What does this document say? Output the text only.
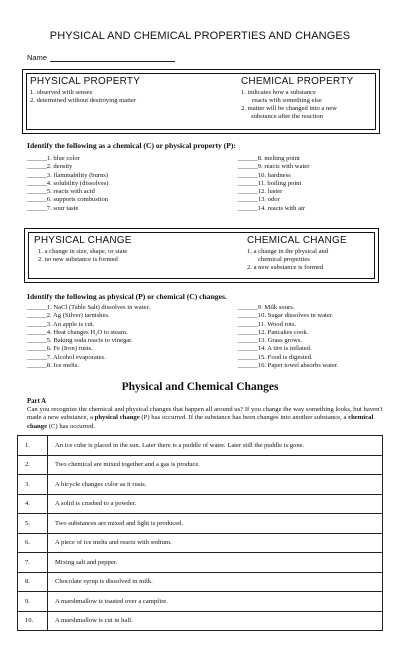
PHYSICAL AND CHEMICAL PROPERTIES AND CHANGES
Name
PHYSICAL PROPERTY
1. observed with senses
2. determined without destroying matter
CHEMICAL PROPERTY
1. indicates how a substance
reacts with something else
2. matter will be changed into a new
substance after the reaction
Identify the following as a chemical (C) or physical property (P):
______1. blue color
______2. density
______3. flammability (burns)
______4. solubility (dissolves)
______5. reacts with acid
______6. supports combustion
______7. sour taste
______8. melting point
______9. reacts with water
______10. hardness
______11. boiling point
______12. luster
______13. odor
______14. reacts with air
PHYSICAL CHANGE
1. a change in size, shape, or state
2. no new substance is formed
CHEMICAL CHANGE
1. a change in the physical and
chemical properties
2. a new substance is formed
Identify the following as physical (P) or chemical (C) changes.
______1. NaCl (Table Salt) dissolves in water.
______2. Ag (Silver) tarnishes.
______3. An apple is cut.
______4. Heat changes H₂O to steam.
______5. Baking soda reacts to vinegar.
______6. Fe (Iron) rusts.
______7. Alcohol evaporates.
______8. Ice melts.
______9. Milk sours.
______10. Sugar dissolves in water.
______11. Wood rots.
______12. Pancakes cook.
______13. Grass grows.
______14. A tire is inflated.
______15. Food is digested.
______16. Paper towel absorbs water.
Physical and Chemical Changes
Part A
Can you recognize the chemical and physical changes that happen all around us? If you change the way something looks, but haven't made a new substance, a physical change (P) has occurred. If the substance has been changes into another substance, a chemical change (C) has occurred.
1.	An ice cube is placed in the sun. Later there is a puddle of water. Later still the puddle is gone.
2.	Two chemical are mixed together and a gas is produce.
3.	A bicycle changes color as it rusts.
4.	A solid is crushed to a powder.
5.	Two substances are mixed and light is produced.
6.	A piece of ice melts and reacts with sodium.
7.	Mixing salt and pepper.
8.	Chocolate syrup is dissolved in milk.
9.	A marshmallow is toasted over a campfire.
10.	A marshmallow is cut in half.
